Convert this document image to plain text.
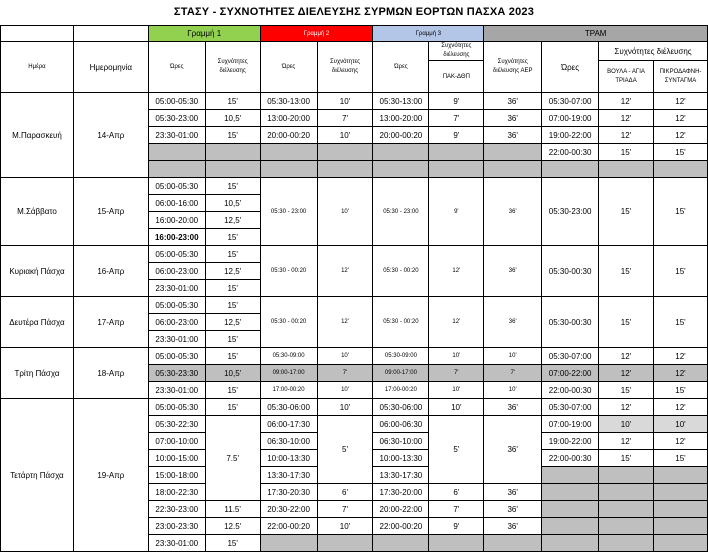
ΣΤΑΣΥ - ΣΥΧΝΟΤΗΤΕΣ ΔΙΕΛΕΥΣΗΣ ΣΥΡΜΩΝ ΕΟΡΤΩΝ ΠΑΣΧΑ 2023
		Γραμμή 1		Γραμμή 2		Γραμμή 3		ΤΡΑΜ			
Ημέρα	Ημερομηνία	Ώρες	Συχνότητες διέλευσης	Ώρες	Συχνότητες διέλευσης	Ώρες	Συχνότητες διέλευσης	Συχνότητες διέλευσης ΑΕΡ	Ώρες	Συχνότητες διέλευσης	
							ΠΑΚ-ΔΘΠ			ΒΟΥΛΑ - ΑΓΙΑ ΤΡΙΑΔΑ	ΠΙΚΡΟΔΑΦΝΗ-ΣΥΝΤΑΓΜΑ
Μ.Παρασκευή	14-Απρ	05:00-05:30	15'	05:30-13:00	10'	05:30-13:00	9'	36'	05:30-07:00	12'	12'
		05:30-23:00	10,5'	13:00-20:00	7'	13:00-20:00	7'	36'	07:00-19:00	12'	12'
		23:30-01:00	15'	20:00-00:20	10'	20:00-00:20	9'	36'	19:00-22:00	12'	12'
									22:00-00:30	15'	15'

Μ.Σάββατο	15-Απρ	05:00-05:30	15'	05:30 - 23:00	10'	05:30 - 23:00	9'	36'	05:30-23:00	15'	15'
		06:00-16:00	10,5'								
		16:00-20:00	12,5'								
		16:00-23:00	15'								
Κυριακή Πάσχα	16-Απρ	05:00-05:30	15'	05:30 - 00:20	12'	05:30 - 00:20	12'	36'	05:30-00:30	15'	15'
		06:00-23:00	12,5'								
		23:30-01:00	15'								
Δευτέρα Πάσχα	17-Απρ	05:00-05:30	15'	05:30 - 00:20	12'	05:30 - 00:20	12'	36'	05:30-00:30	15'	15'
		06:00-23:00	12,5'								
		23:30-01:00	15'								
Τρίτη Πάσχα	18-Απρ	05:00-05:30	15'	05:30-09:00	10'	05:30-09:00	10'	10'	05:30-07:00	12'	12'
		05:30-23:30	10,5'	09:00-17:00	7'	09:00-17:00	7'	7'	07:00-22:00	12'	12'
		23:30-01:00	15'	17:00-00:20	10'	17:00-00:20	10'	10'	22:00-00:30	15'	15'
Τετάρτη Πάσχα	19-Απρ	05:00-05:30	15'	05:30-06:00	10'	05:30-06:00	10'	36'	05:30-07:00	12'	12'
		05:30-22:30	7.5'	06:00-17:30	5'	06:00-06:30	5'	36'	07:00-19:00	10'	10'
		07:00-10:00		06:30-10:00		06:30-10:00			19:00-22:00	12'	12'
		10:00-15:00		10:00-13:30		10:00-13:30			22:00-00:30	15'	15'
		15:00-18:00		13:30-17:30		13:30-17:30					
		18:00-22:30		17:30-20:30	6'	17:30-20:00	6'	36'			
		22:30-23:00	11.5'	20:30-22:00	7'	20:00-22:00	7'	36'			
		23:00-23:30	12.5'	22:00-00:20	10'	22:00-00:20	9'	36'			
		23:30-01:00	15'								
